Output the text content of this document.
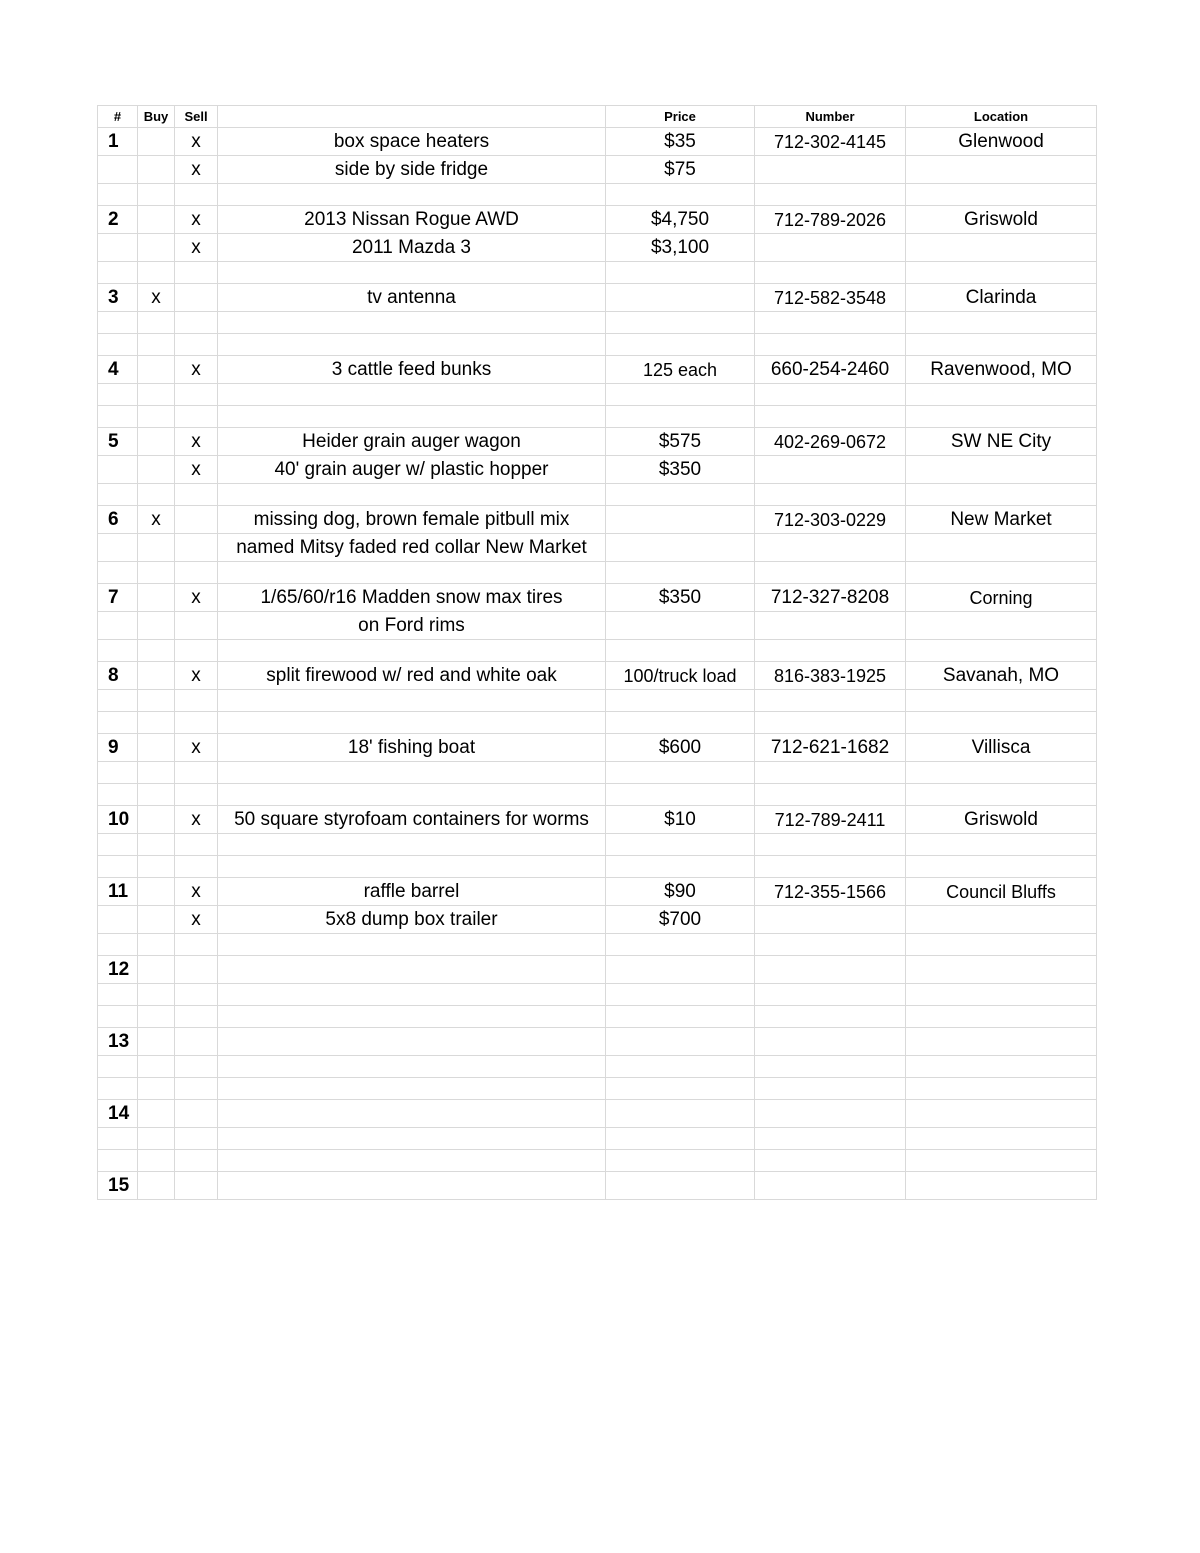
#	Buy	Sell		Price	Number	Location
1		x	box space heaters	$35	712-302-4145	Glenwood
		x	side by side fridge	$75		

2		x	2013 Nissan Rogue AWD	$4,750	712-789-2026	Griswold
		x	2011 Mazda 3	$3,100		

3	x		tv antenna		712-582-3548	Clarinda

4		x	3 cattle feed bunks	125 each	660-254-2460	Ravenwood, MO

5		x	Heider grain auger wagon	$575	402-269-0672	SW NE City
		x	40' grain auger w/ plastic hopper	$350		

6	x		missing dog, brown female pitbull mix		712-303-0229	New Market
			named Mitsy faded red collar New Market			

7		x	1/65/60/r16 Madden snow max tires	$350	712-327-8208	Corning
			on Ford rims			

8		x	split firewood w/ red and white oak	100/truck load	816-383-1925	Savanah, MO

9		x	18' fishing boat	$600	712-621-1682	Villisca

10		x	50 square styrofoam containers for worms	$10	712-789-2411	Griswold

11		x	raffle barrel	$90	712-355-1566	Council Bluffs
		x	5x8 dump box trailer	$700		

12						

13						

14						

15						
